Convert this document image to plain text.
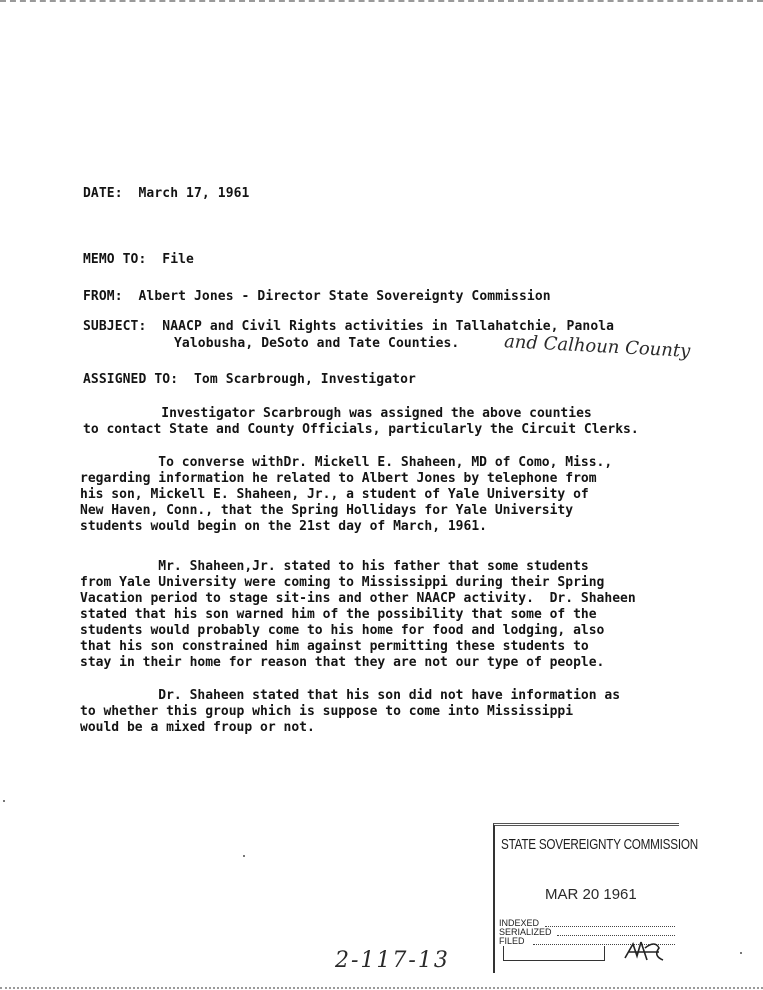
DATE: March 17, 1961
MEMO TO: File
FROM: Albert Jones - Director State Sovereignty Commission
SUBJECT: NAACP and Civil Rights activities in Tallahatchie, Panola
Yalobusha, DeSoto and Tate Counties. and Calhoun County
ASSIGNED TO: Tom Scarbrough, Investigator
Investigator Scarbrough was assigned the above counties
to contact State and County Officials, particularly the Circuit Clerks.
To converse withDr. Mickell E. Shaheen, MD of Como, Miss.,
regarding information he related to Albert Jones by telephone from
his son, Mickell E. Shaheen, Jr., a student of Yale University of
New Haven, Conn., that the Spring Hollidays for Yale University
students would begin on the 21st day of March, 1961.
Mr. Shaheen,Jr. stated to his father that some students
from Yale University were coming to Mississippi during their Spring
Vacation period to stage sit-ins and other NAACP activity.  Dr. Shaheen
stated that his son warned him of the possibility that some of the
students would probably come to his home for food and lodging, also
that his son constrained him against permitting these students to
stay in their home for reason that they are not our type of people.
Dr. Shaheen stated that his son did not have information as
to whether this group which is suppose to come into Mississippi
would be a mixed froup or not.
STATE SOVEREIGNTY COMMISSION
MAR 20 1961
INDEXED
SERIALIZED
FILED
2-117-13
